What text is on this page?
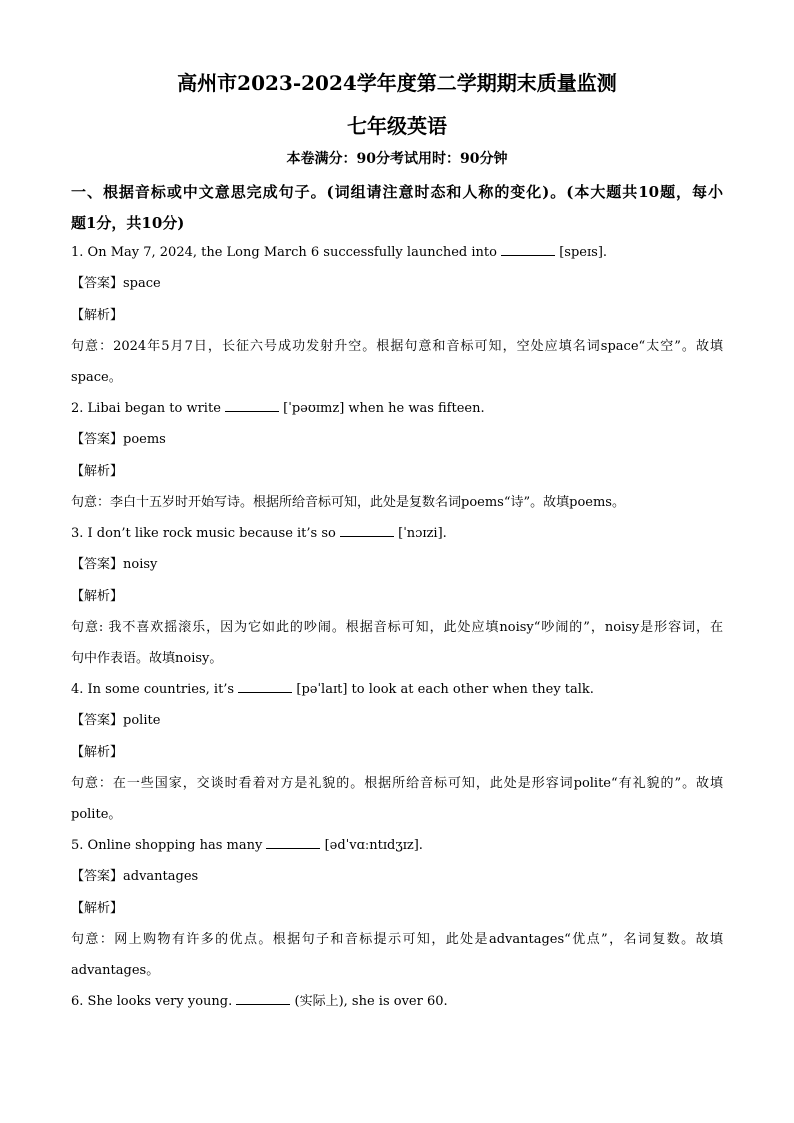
高州市2023-2024学年度第二学期期末质量监测
七年级英语
本卷满分：90分考试用时：90分钟
一、根据音标或中文意思完成句子。(词组请注意时态和人称的变化)。(本大题共10题，每小
题1分，共10分)
1. On May 7, 2024, the Long March 6 successfully launched into	[speɪs].
【答案】space
【解析】
句意：2024年5月7日，长征六号成功发射升空。根据句意和音标可知，空处应填名词space“太空”。故填
space。
2. Libai began to write	[ˈpəʊɪmz] when he was fifteen.
【答案】poems
【解析】
句意：李白十五岁时开始写诗。根据所给音标可知，此处是复数名词poems“诗”。故填poems。
3. I don’t like rock music because it’s so	[ˈnɔɪzi].
【答案】noisy
【解析】
句意: 我不喜欢摇滚乐，因为它如此的吵闹。根据音标可知，此处应填noisy“吵闹的”，noisy是形容词，在
句中作表语。故填noisy。
4. In some countries, it’s	[pəˈlaɪt] to look at each other when they talk.
【答案】polite
【解析】
句意：在一些国家，交谈时看着对方是礼貌的。根据所给音标可知，此处是形容词polite“有礼貌的”。故填
polite。
5. Online shopping has many	[ədˈvɑːntɪdʒɪz].
【答案】advantages
【解析】
句意：网上购物有许多的优点。根据句子和音标提示可知，此处是advantages“优点”，名词复数。故填
advantages。
6. She looks very young.	(实际上), she is over 60.
